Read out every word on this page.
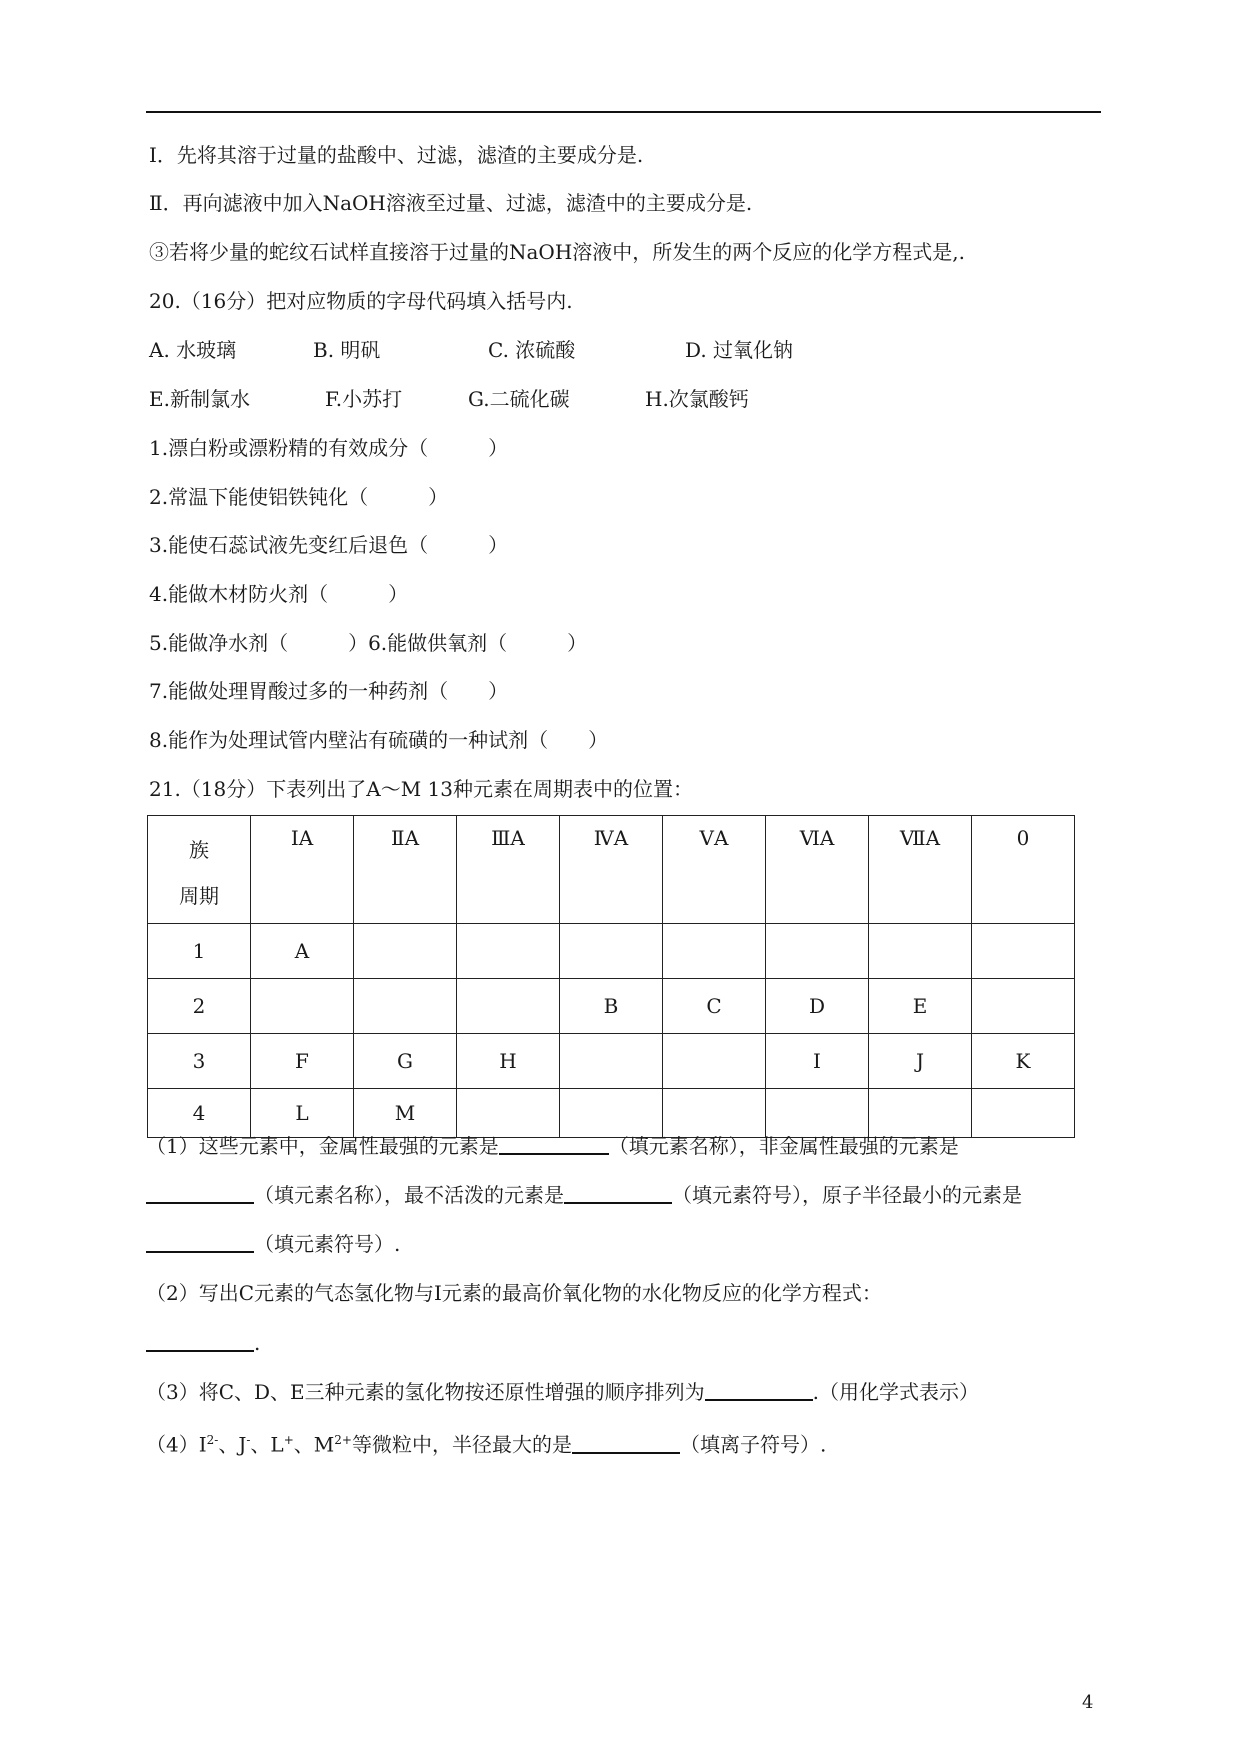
Ⅰ．先将其溶于过量的盐酸中、过滤，滤渣的主要成分是.
Ⅱ．再向滤液中加入NaOH溶液至过量、过滤，滤渣中的主要成分是.
③若将少量的蛇纹石试样直接溶于过量的NaOH溶液中，所发生的两个反应的化学方程式是,.
20.（16分）把对应物质的字母代码填入括号内.
A. 水玻璃	B. 明矾	C. 浓硫酸	D. 过氧化钠
E.新制氯水	F.小苏打	G.二硫化碳	H.次氯酸钙
1.漂白粉或漂粉精的有效成分（　　　）
2.常温下能使铝铁钝化（　　　）
3.能使石蕊试液先变红后退色（　　　）
4.能做木材防火剂（　　　）
5.能做净水剂（　　　）6.能做供氧剂（　　　）
7.能做处理胃酸过多的一种药剂（　　）
8.能作为处理试管内壁沾有硫磺的一种试剂（　　）
21.（18分）下表列出了A～M 13种元素在周期表中的位置：
族
周期	ⅠA	ⅡA	ⅢA	ⅣA	ⅤA	ⅥA	ⅦA	0
1	A							
2				B	C	D	E	
3	F	G	H			I	J	K
4	L	M						
（1）这些元素中，金属性最强的元素是	（填元素名称），非金属性最强的元素是
（填元素名称），最不活泼的元素是	（填元素符号），原子半径最小的元素是
（填元素符号）.
（2）写出C元素的气态氢化物与I元素的最高价氧化物的水化物反应的化学方程式：
.
（3）将C、D、E三种元素的氢化物按还原性增强的顺序排列为	.（用化学式表示）
$(4)I^{2-}$、J-、L+、$M^{2+}$等微粒中，半径最大的是	（填离子符号）.
4
